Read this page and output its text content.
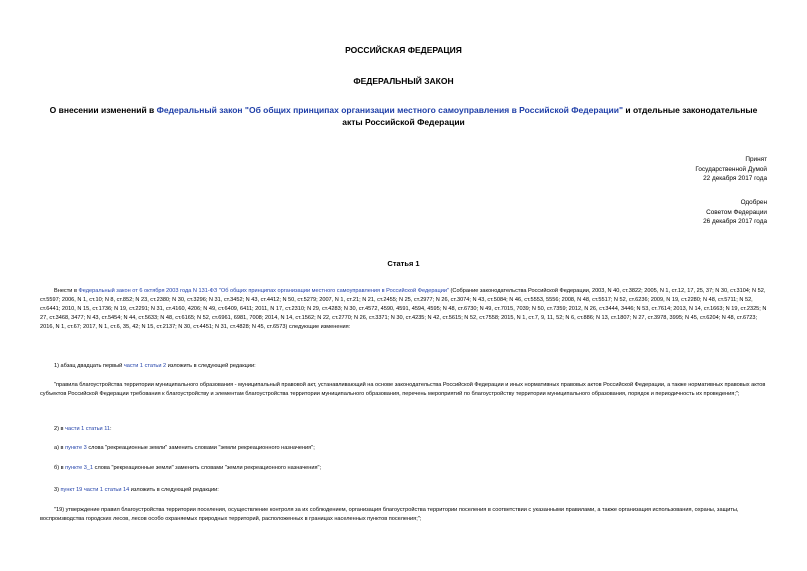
РОССИЙСКАЯ ФЕДЕРАЦИЯ
ФЕДЕРАЛЬНЫЙ ЗАКОН
О внесении изменений в Федеральный закон "Об общих принципах организации местного самоуправления в Российской Федерации" и отдельные законодательные акты Российской Федерации
Принят
Государственной Думой
22 декабря 2017 года
Одобрен
Советом Федерации
26 декабря 2017 года
Статья 1
Внести в Федеральный закон от 6 октября 2003 года N 131-ФЗ "Об общих принципах организации местного самоуправления в Российской Федерации" (Собрание законодательства Российской Федерации, 2003, N 40, ст.3822; 2005, N 1, ст.12, 17, 25, 37; N 30, ст.3104; N 52, ст.5597; 2006, N 1, ст.10; N 8, ст.852; N 23, ст.2380; N 30, ст.3296; N 31, ст.3452; N 43, ст.4412; N 50, ст.5279; 2007, N 1, ст.21; N 21, ст.2455; N 25, ст.2977; N 26, ст.3074; N 43, ст.5084; N 46, ст.5553, 5556; 2008, N 48, ст.5517; N 52, ст.6236; 2009, N 19, ст.2280; N 48, ст.5711; N 52, ст.6441; 2010, N 15, ст.1736; N 19, ст.2291; N 31, ст.4160, 4206; N 49, ст.6409, 6411; 2011, N 17, ст.2310; N 29, ст.4283; N 30, ст.4572, 4590, 4591, 4594, 4595; N 48, ст.6730; N 49, ст.7015, 7039; N 50, ст.7359; 2012, N 26, ст.3444, 3446; N 53, ст.7614; 2013, N 14, ст.1663; N 19, ст.2325; N 27, ст.3468, 3477; N 43, ст.5454; N 44, ст.5633; N 48, ст.6165; N 52, ст.6961, 6981, 7008; 2014, N 14, ст.1562; N 22, ст.2770; N 26, ст.3371; N 30, ст.4235; N 42, ст.5615; N 52, ст.7558; 2015, N 1, ст.7, 9, 11, 52; N 6, ст.886; N 13, ст.1807; N 27, ст.3978, 3995; N 45, ст.6204; N 48, ст.6723; 2016, N 1, ст.67; 2017, N 1, ст.6, 35, 42; N 15, ст.2137; N 30, ст.4451; N 31, ст.4828; N 45, ст.6573) следующие изменения:
1) абзац двадцать первый части 1 статьи 2 изложить в следующей редакции:
"правила благоустройства территории муниципального образования - муниципальный правовой акт, устанавливающий на основе законодательства Российской Федерации и иных нормативных правовых актов Российской Федерации, а также нормативных правовых актов субъектов Российской Федерации требования к благоустройству и элементам благоустройства территории муниципального образования, перечень мероприятий по благоустройству территории муниципального образования, порядок и периодичность их проведения;";
2) в части 1 статьи 11:
а) в пункте 3 слова "рекреационные земли" заменить словами "земли рекреационного назначения";
б) в пункте 3_1 слова "рекреационные земли" заменить словами "земли рекреационного назначения";
3) пункт 19 части 1 статьи 14 изложить в следующей редакции:
"19) утверждение правил благоустройства территории поселения, осуществление контроля за их соблюдением, организация благоустройства территории поселения в соответствии с указанными правилами, а также организация использования, охраны, защиты, воспроизводства городских лесов, лесов особо охраняемых природных территорий, расположенных в границах населенных пунктов поселения;";
